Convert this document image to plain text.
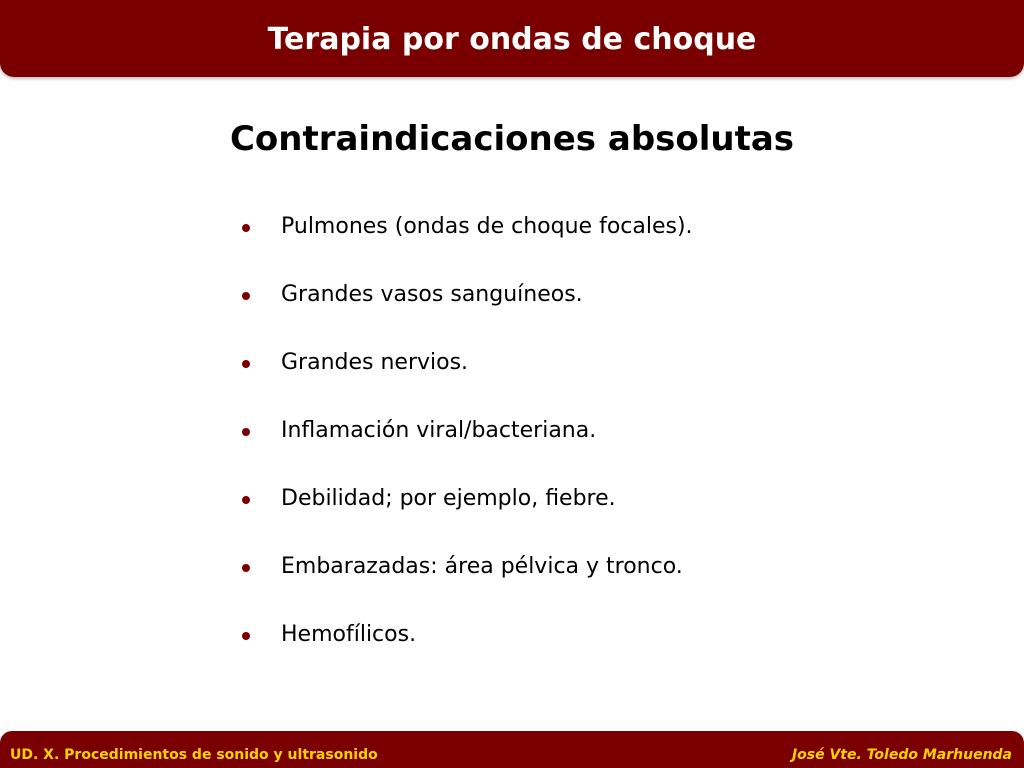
Terapia por ondas de choque
Contraindicaciones absolutas
Pulmones (ondas de choque focales).
Grandes vasos sanguíneos.
Grandes nervios.
Inflamación viral/bacteriana.
Debilidad; por ejemplo, fiebre.
Embarazadas: área pélvica y tronco.
Hemofílicos.
UD. X. Procedimientos de sonido y ultrasonido	José Vte. Toledo Marhuenda
